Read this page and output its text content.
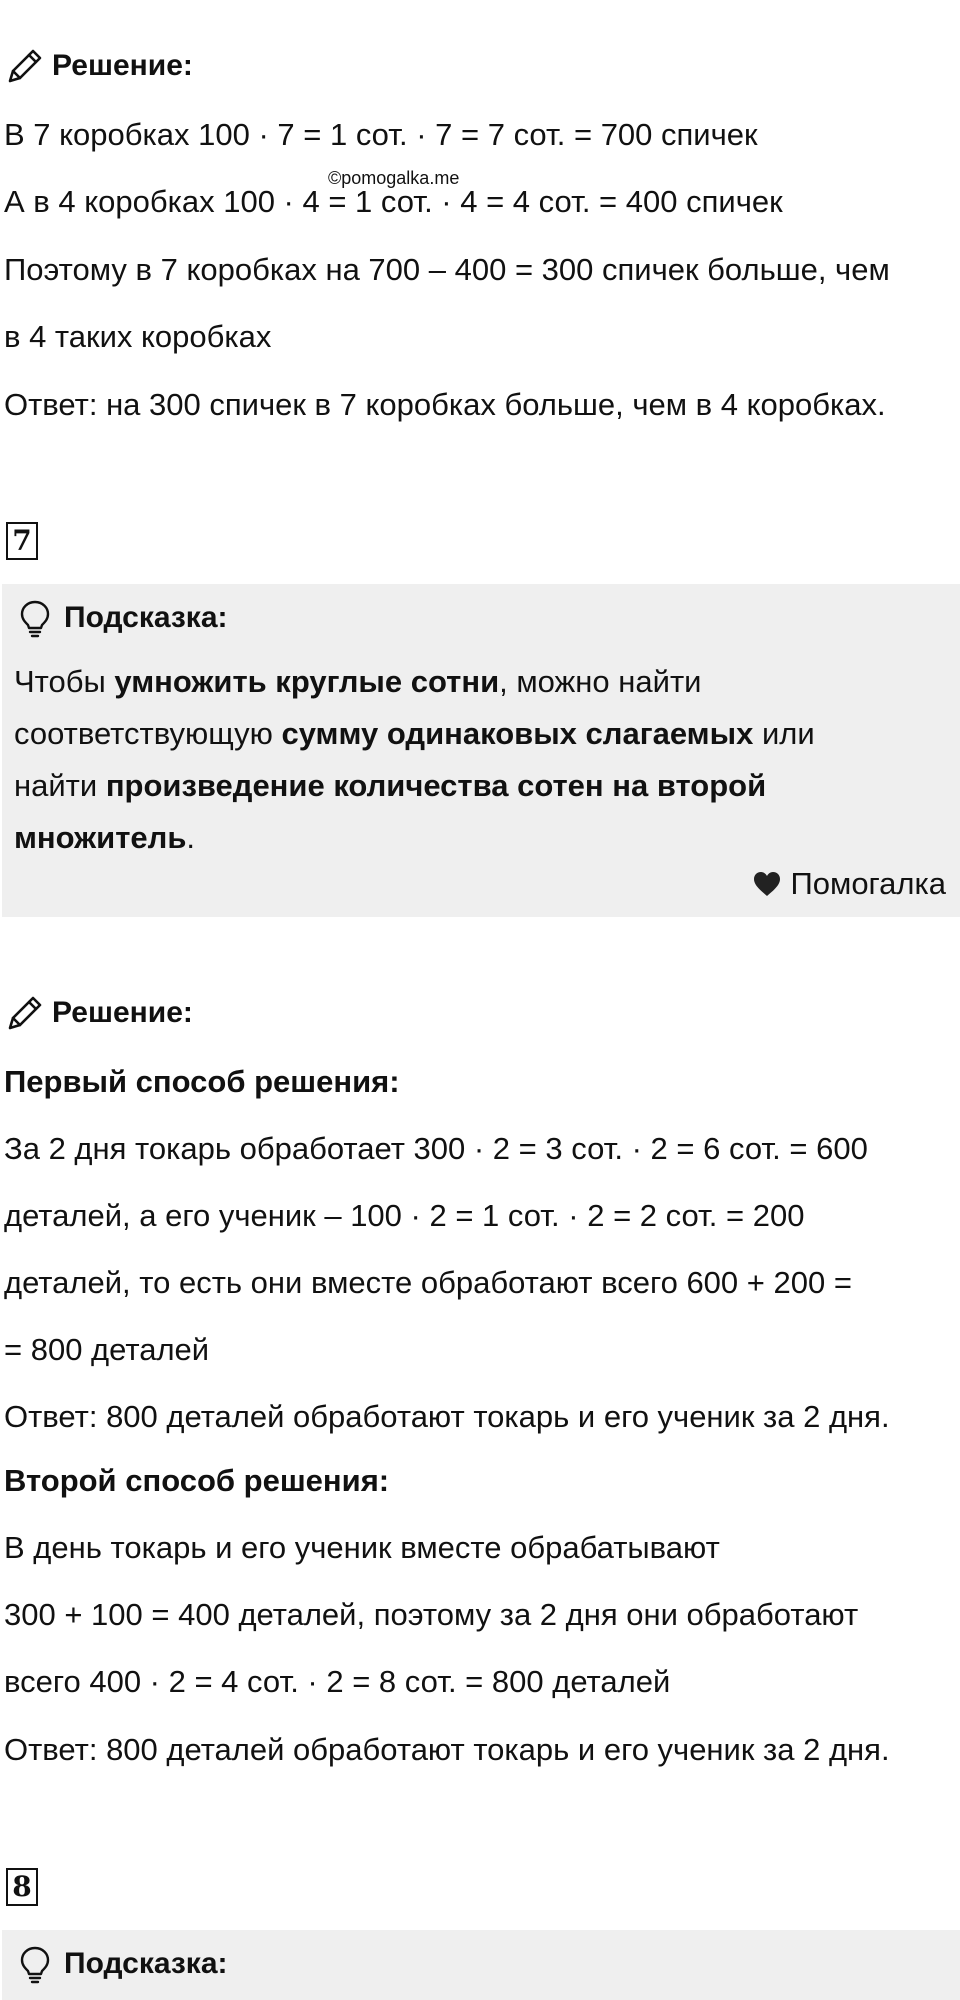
Решение:
В 7 коробках 100 · 7 = 1 сот. · 7 = 7 сот. = 700 спичек
©pomogalka.me
А в 4 коробках 100 · 4 = 1 сот. · 4 = 4 сот. = 400 спичек
Поэтому в 7 коробках на 700 – 400 = 300 спичек больше, чем
в 4 таких коробках
Ответ: на 300 спичек в 7 коробках больше, чем в 4 коробках.
7
Подсказка:
Чтобы умножить круглые сотни, можно найти
соответствующую сумму одинаковых слагаемых или
найти произведение количества сотен на второй
множитель.
Помогалка
Решение:
Первый способ решения:
За 2 дня токарь обработает 300 · 2 = 3 сот. · 2 = 6 сот. = 600
деталей, а его ученик – 100 · 2 = 1 сот. · 2 = 2 сот. = 200
деталей, то есть они вместе обработают всего 600 + 200 =
= 800 деталей
Ответ: 800 деталей обработают токарь и его ученик за 2 дня.
Второй способ решения:
В день токарь и его ученик вместе обрабатывают
300 + 100 = 400 деталей, поэтому за 2 дня они обработают
всего 400 · 2 = 4 сот. · 2 = 8 сот. = 800 деталей
Ответ: 800 деталей обработают токарь и его ученик за 2 дня.
8
Подсказка:
